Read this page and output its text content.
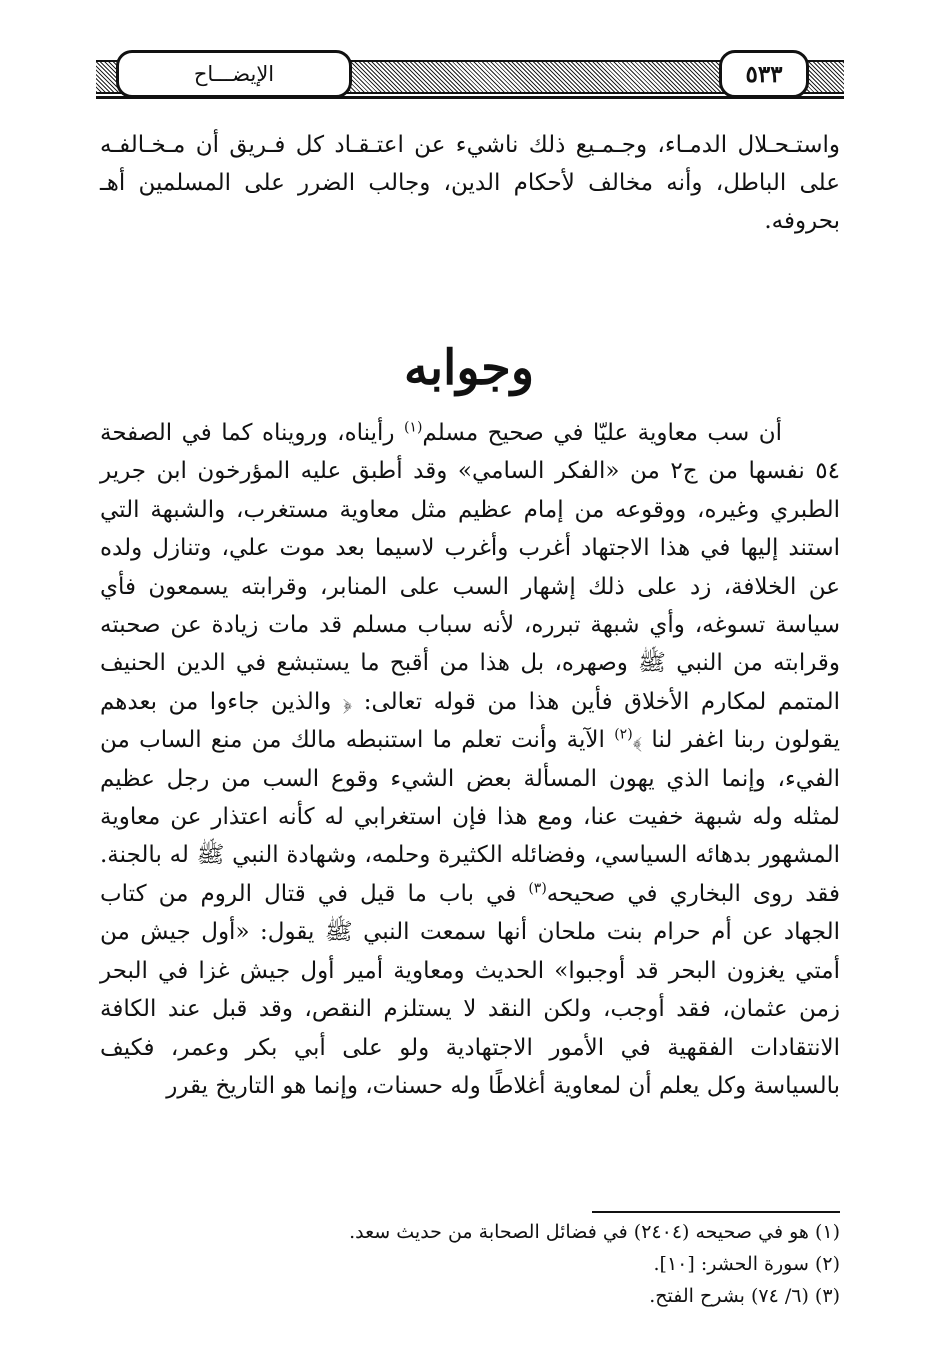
الإيضـــاح	٥٣٣

واستـحـلال الدمـاء، وجـمـيع ذلك ناشيء عن اعتـقـاد كل فـريق أن مـخـالفـه على الباطل، وأنه مخالف لأحكام الدين، وجالب الضرر على المسلمين أهـ بحروفه.

وجوابه

أن سب معاوية عليّا في صحيح مسلم$^{(١)}$ رأيناه، ورويناه كما في الصفحة ٥٤ نفسها من ج٢ من «الفكر السامي» وقد أطبق عليه المؤرخون ابن جرير الطبري وغيره، ووقوعه من إمام عظيم مثل معاوية مستغرب، والشبهة التي استند إليها في هذا الاجتهاد أغرب وأغرب لاسيما بعد موت علي، وتنازل ولده عن الخلافة، زد على ذلك إشهار السب على المنابر، وقرابته يسمعون فأي سياسة تسوغه، وأي شبهة تبرره، لأنه سباب مسلم قد مات زيادة عن صحبته وقرابته من النبي ﷺ وصهره، بل هذا من أقبح ما يستبشع في الدين الحنيف المتمم لمكارم الأخلاق فأين هذا من قوله تعالى: ﴿ والذين جاءوا من بعدهم يقولون ربنا اغفر لنا ﴾$^{(٢)}$ الآية وأنت تعلم ما استنبطه مالك من منع الساب من الفيء، وإنما الذي يهون المسألة بعض الشيء وقوع السب من رجل عظيم لمثله وله شبهة خفيت عنا، ومع هذا فإن استغرابي له كأنه اعتذار عن معاوية المشهور بدهائه السياسي، وفضائله الكثيرة وحلمه، وشهادة النبي ﷺ له بالجنة. فقد روى البخاري في صحيحه$^{(٣)}$ في باب ما قيل في قتال الروم من كتاب الجهاد عن أم حرام بنت ملحان أنها سمعت النبي ﷺ يقول: «أول جيش من أمتي يغزون البحر قد أوجبوا» الحديث ومعاوية أمير أول جيش غزا في البحر زمن عثمان، فقد أوجب، ولكن النقد لا يستلزم النقص، وقد قبل عند الكافة الانتقادات الفقهية في الأمور الاجتهادية ولو على أبي بكر وعمر، فكيف بالسياسة وكل يعلم أن لمعاوية أغلاطًا وله حسنات، وإنما هو التاريخ يقرر

(١) هو في صحيحه (٢٤٠٤) في فضائل الصحابة من حديث سعد.
(٢) سورة الحشر: [١٠].
(٣) (٦/ ٧٤) بشرح الفتح.
